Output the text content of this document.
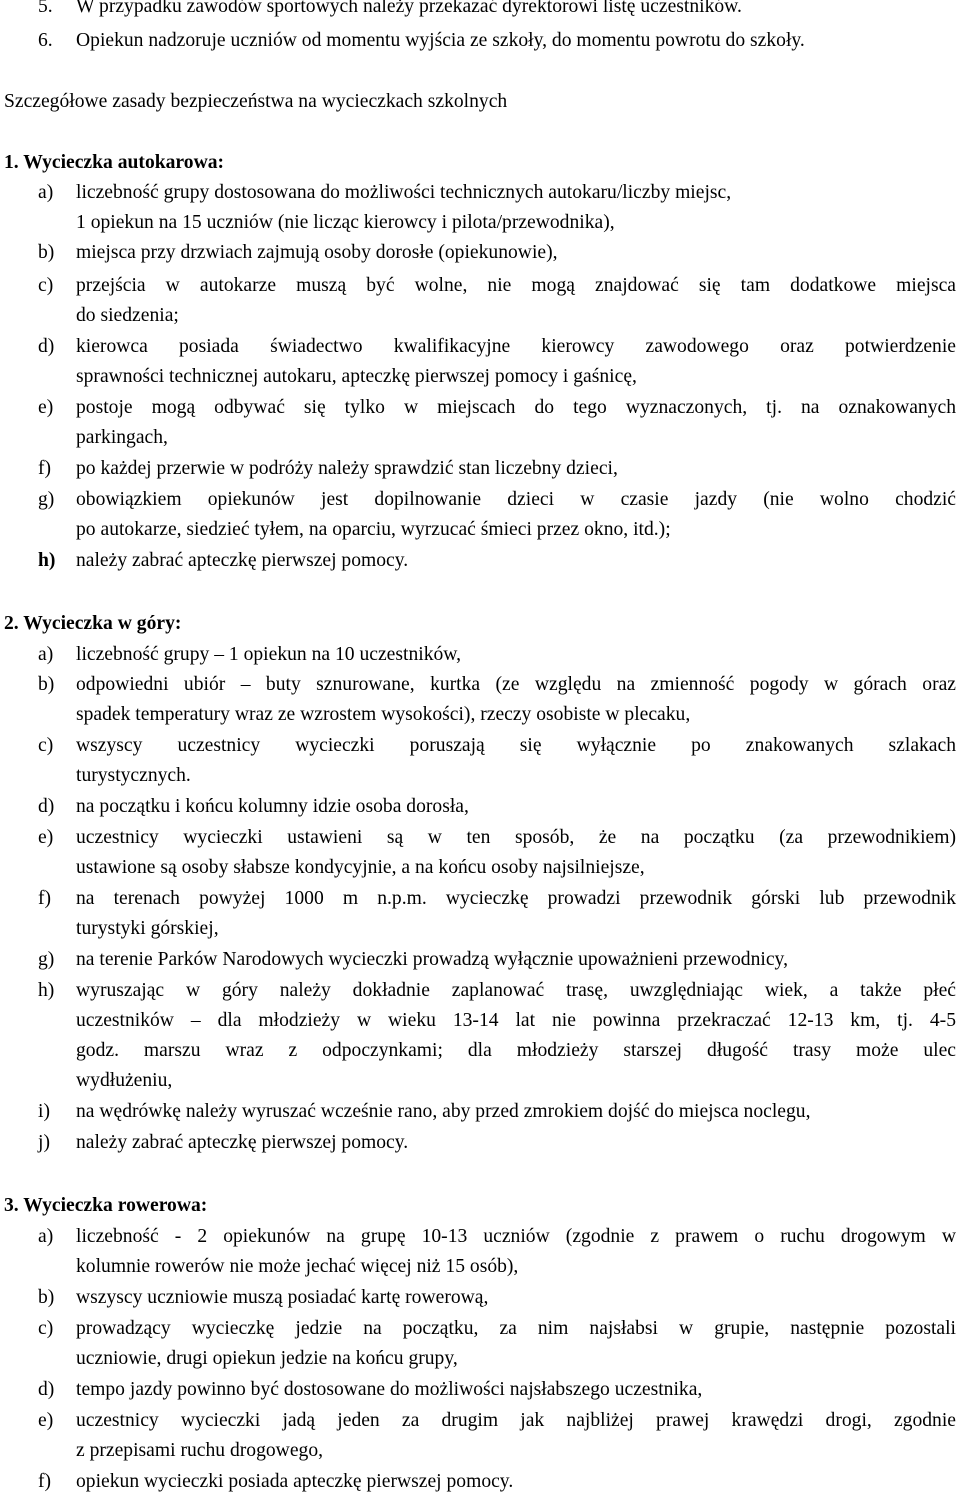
5. W przypadku zawodów sportowych należy przekazać dyrektorowi listę uczestników.
6. Opiekun nadzoruje uczniów od momentu wyjścia ze szkoły, do momentu powrotu do szkoły.
Szczegółowe zasady bezpieczeństwa na wycieczkach szkolnych
1. Wycieczka autokarowa:
a) liczebność grupy dostosowana do możliwości technicznych autokaru/liczby miejsc,
1 opiekun na 15 uczniów (nie licząc kierowcy i pilota/przewodnika),
b) miejsca przy drzwiach zajmują osoby dorosłe (opiekunowie),
c) przejścia w autokarze muszą być wolne, nie mogą znajdować się tam dodatkowe miejsca
do siedzenia;
d) kierowca posiada świadectwo kwalifikacyjne kierowcy zawodowego oraz potwierdzenie
sprawności technicznej autokaru, apteczkę pierwszej pomocy i gaśnicę,
e) postoje mogą odbywać się tylko w miejscach do tego wyznaczonych, tj. na oznakowanych
parkingach,
f) po każdej przerwie w podróży należy sprawdzić stan liczebny dzieci,
g) obowiązkiem opiekunów jest dopilnowanie dzieci w czasie jazdy (nie wolno chodzić
po autokarze, siedzieć tyłem, na oparciu, wyrzucać śmieci przez okno, itd.);
h) należy zabrać apteczkę pierwszej pomocy.
2. Wycieczka w góry:
a) liczebność grupy – 1 opiekun na 10 uczestników,
b) odpowiedni ubiór – buty sznurowane, kurtka (ze względu na zmienność pogody w górach oraz
spadek temperatury wraz ze wzrostem wysokości), rzeczy osobiste w plecaku,
c) wszyscy uczestnicy wycieczki poruszają się wyłącznie po znakowanych szlakach
turystycznych.
d) na początku i końcu kolumny idzie osoba dorosła,
e) uczestnicy wycieczki ustawieni są w ten sposób, że na początku (za przewodnikiem)
ustawione są osoby słabsze kondycyjnie, a na końcu osoby najsilniejsze,
f) na terenach powyżej 1000 m n.p.m. wycieczkę prowadzi przewodnik górski lub przewodnik
turystyki górskiej,
g) na terenie Parków Narodowych wycieczki prowadzą wyłącznie upoważnieni przewodnicy,
h) wyruszając w góry należy dokładnie zaplanować trasę, uwzględniając wiek, a także płeć
uczestników – dla młodzieży w wieku 13-14 lat nie powinna przekraczać 12-13 km, tj. 4-5
godz. marszu wraz z odpoczynkami; dla młodzieży starszej długość trasy może ulec
wydłużeniu,
i) na wędrówkę należy wyruszać wcześnie rano, aby przed zmrokiem dojść do miejsca noclegu,
j) należy zabrać apteczkę pierwszej pomocy.
3. Wycieczka rowerowa:
a) liczebność - 2 opiekunów na grupę 10-13 uczniów (zgodnie z prawem o ruchu drogowym w
kolumnie rowerów nie może jechać więcej niż 15 osób),
b) wszyscy uczniowie muszą posiadać kartę rowerową,
c) prowadzący wycieczkę jedzie na początku, za nim najsłabsi w grupie, następnie pozostali
uczniowie, drugi opiekun jedzie na końcu grupy,
d) tempo jazdy powinno być dostosowane do możliwości najsłabszego uczestnika,
e) uczestnicy wycieczki jadą jeden za drugim jak najbliżej prawej krawędzi drogi, zgodnie
z przepisami ruchu drogowego,
f) opiekun wycieczki posiada apteczkę pierwszej pomocy.
